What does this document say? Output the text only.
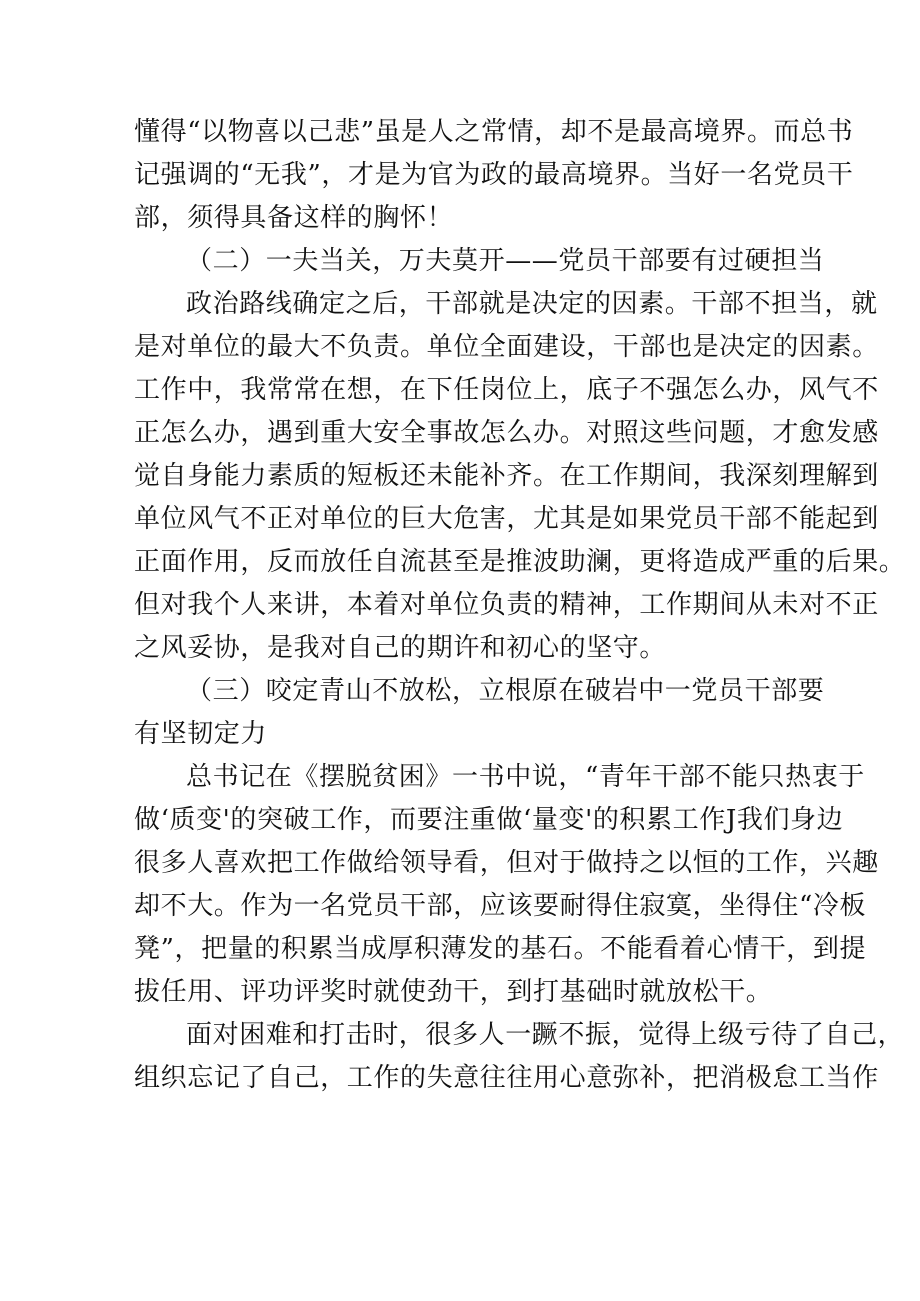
懂得“以物喜以己悲”虽是人之常情，却不是最高境界。而总书
记强调的“无我”，才是为官为政的最高境界。当好一名党员干
部，须得具备这样的胸怀！
（二）一夫当关，万夫莫开——党员干部要有过硬担当
政治路线确定之后，干部就是决定的因素。干部不担当，就
是对单位的最大不负责。单位全面建设，干部也是决定的因素。
工作中，我常常在想，在下任岗位上，底子不强怎么办，风气不
正怎么办，遇到重大安全事故怎么办。对照这些问题，才愈发感
觉自身能力素质的短板还未能补齐。在工作期间，我深刻理解到
单位风气不正对单位的巨大危害，尤其是如果党员干部不能起到
正面作用，反而放任自流甚至是推波助澜，更将造成严重的后果。
但对我个人来讲，本着对单位负责的精神，工作期间从未对不正
之风妥协，是我对自己的期许和初心的坚守。
（三）咬定青山不放松，立根原在破岩中一党员干部要
有坚韧定力
总书记在《摆脱贫困》一书中说，“青年干部不能只热衷于
做‘质变'的突破工作，而要注重做‘量变'的积累工作J我们身边
很多人喜欢把工作做给领导看，但对于做持之以恒的工作，兴趣
却不大。作为一名党员干部，应该要耐得住寂寞，坐得住“冷板
凳”，把量的积累当成厚积薄发的基石。不能看着心情干，到提
拔任用、评功评奖时就使劲干，到打基础时就放松干。
面对困难和打击时，很多人一蹶不振，觉得上级亏待了自己，
组织忘记了自己，工作的失意往往用心意弥补，把消极怠工当作
